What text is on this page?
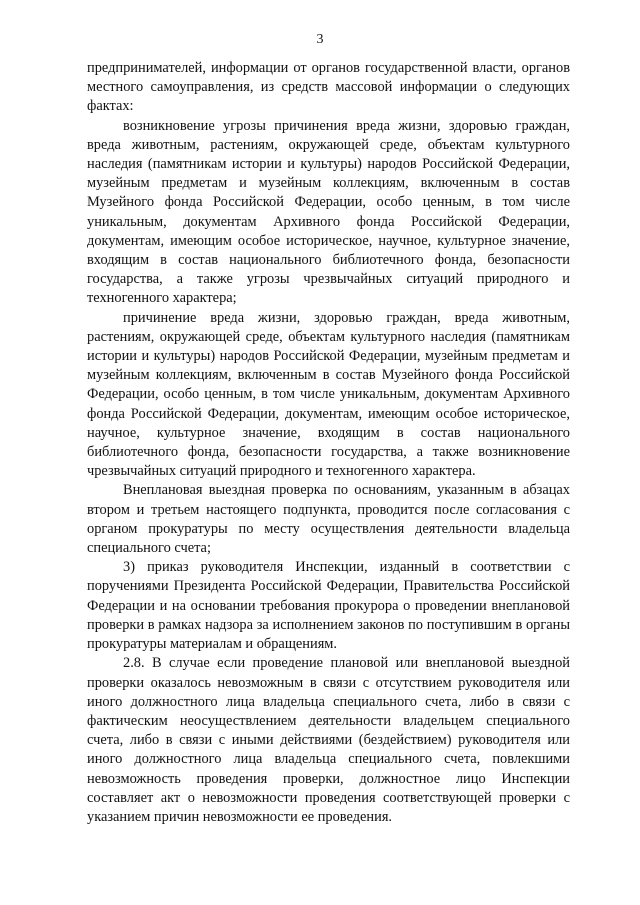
3

предпринимателей, информации от органов государственной власти, органов местного самоуправления, из средств массовой информации о следующих фактах:

возникновение угрозы причинения вреда жизни, здоровью граждан, вреда животным, растениям, окружающей среде, объектам культурного наследия (памятникам истории и культуры) народов Российской Федерации, музейным предметам и музейным коллекциям, включенным в состав Музейного фонда Российской Федерации, особо ценным, в том числе уникальным, документам Архивного фонда Российской Федерации, документам, имеющим особое историческое, научное, культурное значение, входящим в состав национального библиотечного фонда, безопасности государства, а также угрозы чрезвычайных ситуаций природного и техногенного характера;

причинение вреда жизни, здоровью граждан, вреда животным, растениям, окружающей среде, объектам культурного наследия (памятникам истории и культуры) народов Российской Федерации, музейным предметам и музейным коллекциям, включенным в состав Музейного фонда Российской Федерации, особо ценным, в том числе уникальным, документам Архивного фонда Российской Федерации, документам, имеющим особое историческое, научное, культурное значение, входящим в состав национального библиотечного фонда, безопасности государства, а также возникновение чрезвычайных ситуаций природного и техногенного характера.

Внеплановая выездная проверка по основаниям, указанным в абзацах втором и третьем настоящего подпункта, проводится после согласования с органом прокуратуры по месту осуществления деятельности владельца специального счета;

3) приказ руководителя Инспекции, изданный в соответствии с поручениями Президента Российской Федерации, Правительства Российской Федерации и на основании требования прокурора о проведении внеплановой проверки в рамках надзора за исполнением законов по поступившим в органы прокуратуры материалам и обращениям.

2.8. В случае если проведение плановой или внеплановой выездной проверки оказалось невозможным в связи с отсутствием руководителя или иного должностного лица владельца специального счета, либо в связи с фактическим неосуществлением деятельности владельцем специального счета, либо в связи с иными действиями (бездействием) руководителя или иного должностного лица владельца специального счета, повлекшими невозможность проведения проверки, должностное лицо Инспекции составляет акт о невозможности проведения соответствующей проверки с указанием причин невозможности ее проведения.
